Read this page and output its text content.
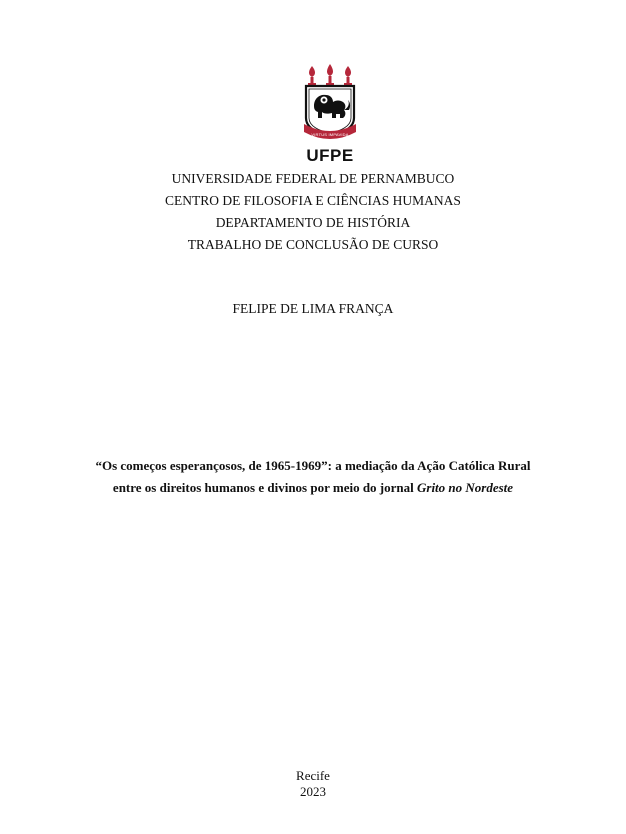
VIRTUS IMPAVIDA
UFPE
UNIVERSIDADE FEDERAL DE PERNAMBUCO
CENTRO DE FILOSOFIA E CIÊNCIAS HUMANAS
DEPARTAMENTO DE HISTÓRIA
TRABALHO DE CONCLUSÃO DE CURSO
FELIPE DE LIMA FRANÇA
“Os começos esperançosos, de 1965-1969”: a mediação da Ação Católica Rural
entre os direitos humanos e divinos por meio do jornal Grito no Nordeste
Recife
2023
